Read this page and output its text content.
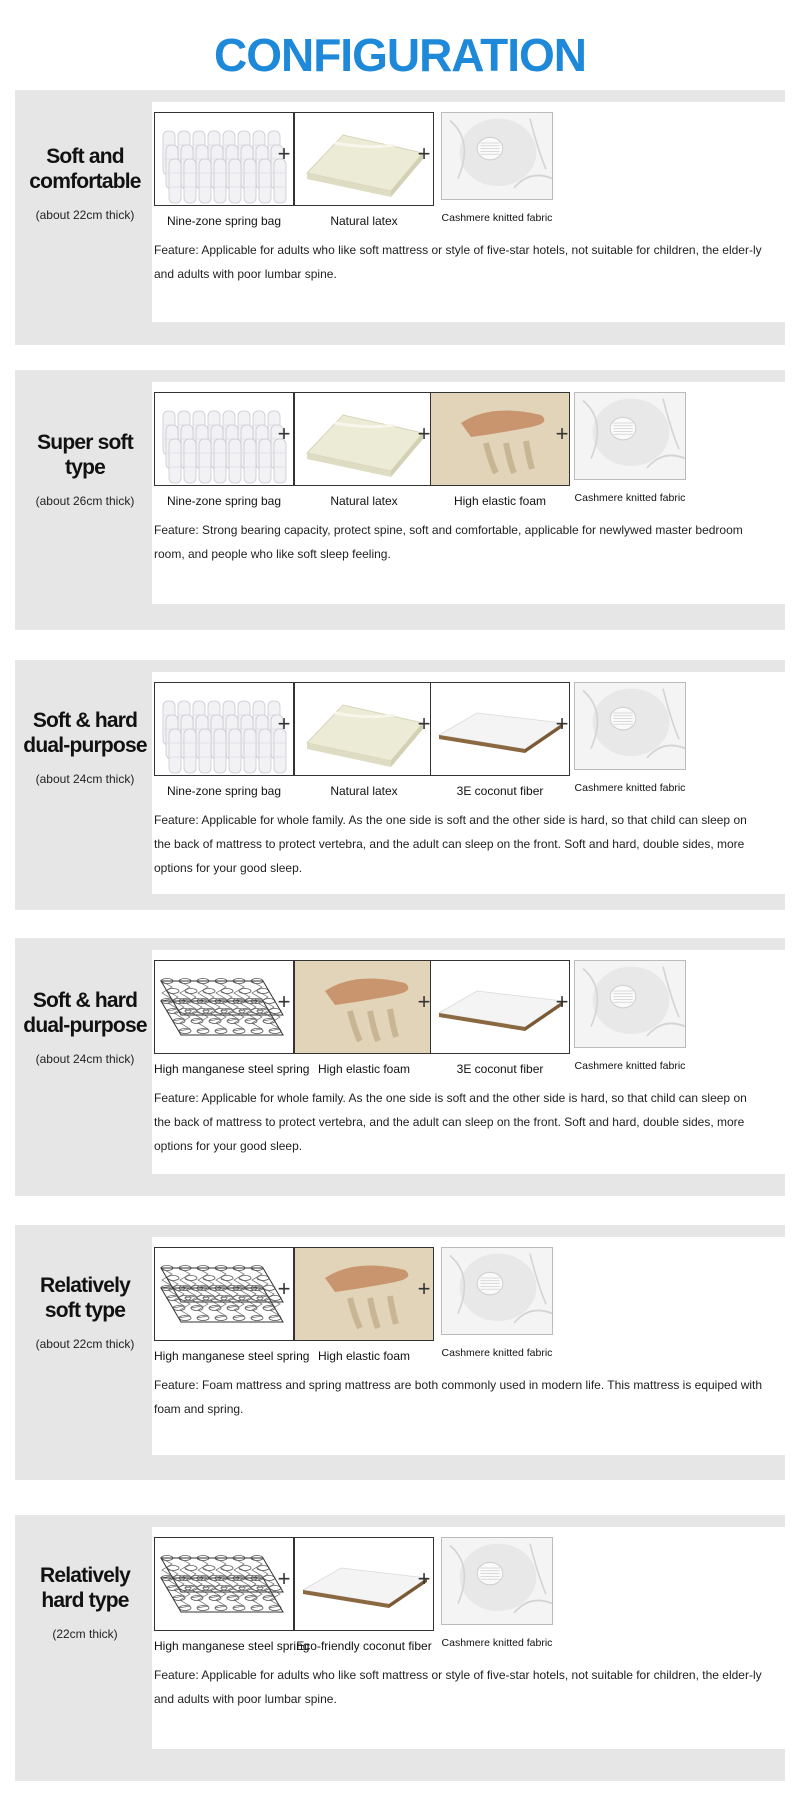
CONFIGURATION
Soft and
comfortable
(about 22cm thick)	Nine-zone spring bag
+
Natural latex
+
Cashmere knitted fabric
Feature: Applicable for adults who like soft mattress or style of five-star hotels, not suitable for children, the elder-ly and adults with poor lumbar spine.
Super soft type
(about 26cm thick)	Nine-zone spring bag
+
Natural latex
+
High elastic foam
+
Cashmere knitted fabric
Feature: Strong bearing capacity, protect spine, soft and comfortable, applicable for newlywed master bedroom room, and people who like soft sleep feeling.
Soft & hard
dual-purpose
(about 24cm thick)
Nine-zone spring bag
+
Natural latex
+
3E coconut fiber
+
Cashmere knitted fabric
Feature: Applicable for whole family. As the one side is soft and the other side is hard, so that child can sleep on the back of mattress to protect vertebra, and the adult can sleep on the front. Soft and hard, double sides, more options for your good sleep.
Soft & hard
dual-purpose
(about 24cm thick)
High manganese steel spring
+
High elastic foam
+
3E coconut fiber
+
Cashmere knitted fabric
Feature: Applicable for whole family. As the one side is soft and the other side is hard, so that child can sleep on the back of mattress to protect vertebra, and the adult can sleep on the front. Soft and hard, double sides, more options for your good sleep.
Relatively
soft type
(about 22cm thick)
High manganese steel spring
+
High elastic foam
+
Cashmere knitted fabric
Feature: Foam mattress and spring mattress are both commonly used in modern life. This mattress is equiped with foam and spring.
Relatively
hard type
(22cm thick)
High manganese steel spring
+
Eco-friendly coconut fiber
+
Cashmere knitted fabric
Feature: Applicable for adults who like soft mattress or style of five-star hotels, not suitable for children, the elder-ly and adults with poor lumbar spine.
